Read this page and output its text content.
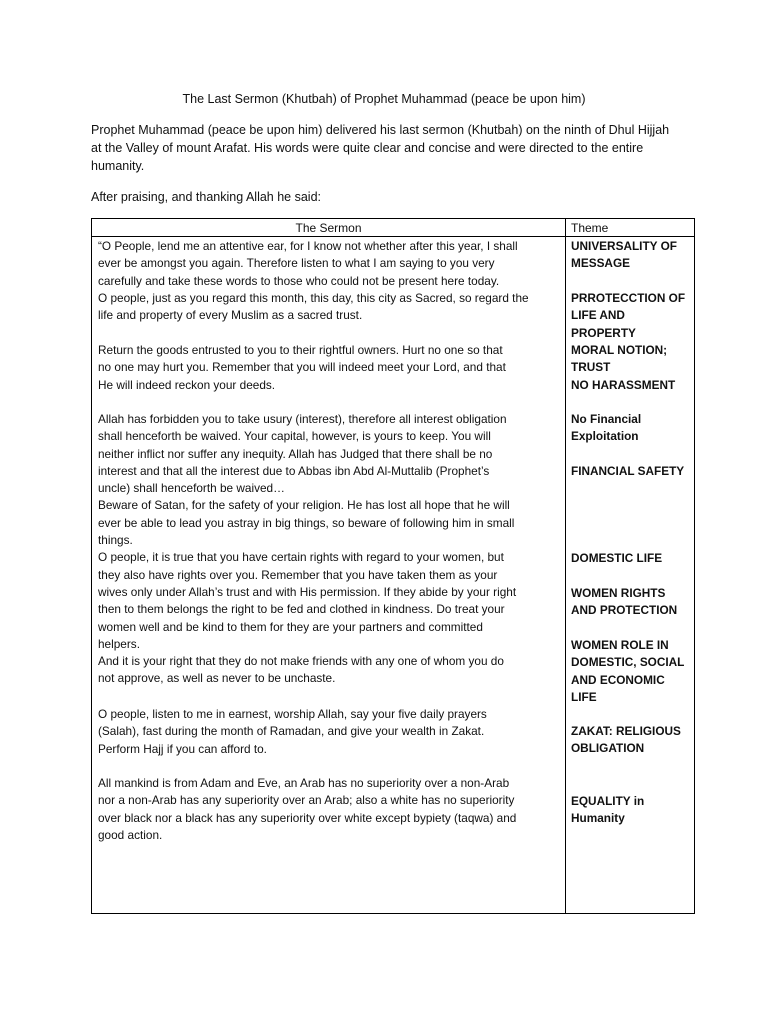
The Last Sermon (Khutbah) of Prophet Muhammad (peace be upon him)
Prophet Muhammad (peace be upon him) delivered his last sermon (Khutbah) on the ninth of Dhul Hijjah at the Valley of mount Arafat. His words were quite clear and concise and were directed to the entire humanity.
After praising, and thanking Allah he said:
The Sermon	Theme
“O People, lend me an attentive ear, for I know not whether after this year, I shall
ever be amongst you again. Therefore listen to what I am saying to you very
carefully and take these words to those who could not be present here today.
O people, just as you regard this month, this day, this city as Sacred, so regard the
life and property of every Muslim as a sacred trust.
Return the goods entrusted to you to their rightful owners. Hurt no one so that
no one may hurt you. Remember that you will indeed meet your Lord, and that
He will indeed reckon your deeds.
Allah has forbidden you to take usury (interest), therefore all interest obligation
shall henceforth be waived. Your capital, however, is yours to keep. You will
neither inflict nor suffer any inequity. Allah has Judged that there shall be no
interest and that all the interest due to Abbas ibn Abd Al-Muttalib (Prophet’s
uncle) shall henceforth be waived…
Beware of Satan, for the safety of your religion. He has lost all hope that he will
ever be able to lead you astray in big things, so beware of following him in small
things.
O people, it is true that you have certain rights with regard to your women, but
they also have rights over you. Remember that you have taken them as your
wives only under Allah’s trust and with His permission. If they abide by your right
then to them belongs the right to be fed and clothed in kindness. Do treat your
women well and be kind to them for they are your partners and committed
helpers.
And it is your right that they do not make friends with any one of whom you do
not approve, as well as never to be unchaste.
O people, listen to me in earnest, worship Allah, say your five daily prayers
(Salah), fast during the month of Ramadan, and give your wealth in Zakat.
Perform Hajj if you can afford to.
All mankind is from Adam and Eve, an Arab has no superiority over a non-Arab
nor a non-Arab has any superiority over an Arab; also a white has no superiority
over black nor a black has any superiority over white except bypiety (taqwa) and
good action.
UNIVERSALITY OF
MESSAGE
PRROTECCTION OF
LIFE AND PROPERTY
MORAL NOTION;
TRUST
NO HARASSMENT
No Financial
Exploitation
FINANCIAL SAFETY
DOMESTIC LIFE
WOMEN RIGHTS
AND PROTECTION
WOMEN ROLE IN
DOMESTIC, SOCIAL
AND ECONOMIC
LIFE
ZAKAT: RELIGIOUS
OBLIGATION
EQUALITY in
Humanity
